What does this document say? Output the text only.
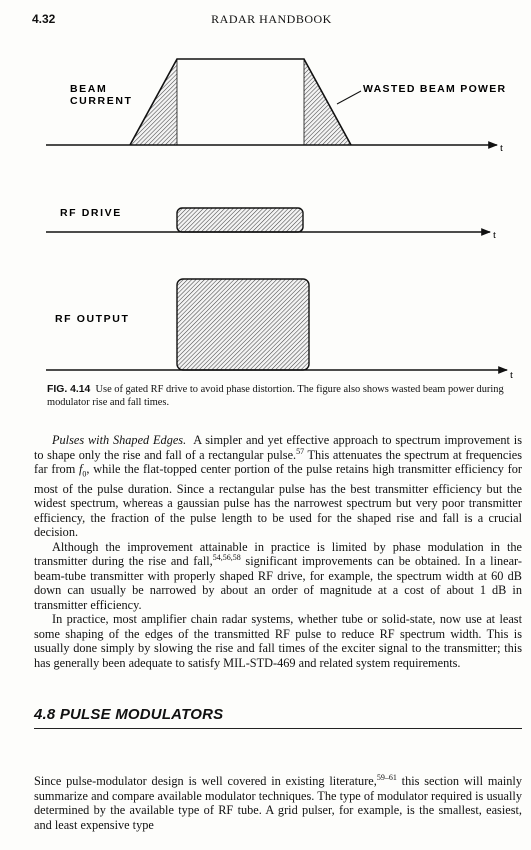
4.32	RADAR HANDBOOK
BEAM
CURRENT
WASTED BEAM POWER
t
RF DRIVE
t
RF OUTPUT
t
FIG. 4.14 Use of gated RF drive to avoid phase distortion. The figure also shows wasted beam power during modulator rise and fall times.

Pulses with Shaped Edges. A simpler and yet effective approach to spectrum improvement is to shape only the rise and fall of a rectangular pulse.$^{57}$ This attenuates the spectrum at frequencies far from $f_0$, while the flat-topped center portion of the pulse retains high transmitter efficiency for most of the pulse duration. Since a rectangular pulse has the best transmitter efficiency but the widest spectrum, whereas a gaussian pulse has the narrowest spectrum but very poor transmitter efficiency, the fraction of the pulse length to be used for the shaped rise and fall is a crucial decision.

Although the improvement attainable in practice is limited by phase modulation in the transmitter during the rise and fall,$^{54,56,58}$ significant improvements can be obtained. In a linear-beam-tube transmitter with properly shaped RF drive, for example, the spectrum width at 60 dB down can usually be narrowed by about an order of magnitude at a cost of about 1 dB in transmitter efficiency.

In practice, most amplifier chain radar systems, whether tube or solid-state, now use at least some shaping of the edges of the transmitted RF pulse to reduce RF spectrum width. This is usually done simply by slowing the rise and fall times of the exciter signal to the transmitter; this has generally been adequate to satisfy MIL-STD-469 and related system requirements.

4.8 PULSE MODULATORS

Since pulse-modulator design is well covered in existing literature,$^{59-61}$ this section will mainly summarize and compare available modulator techniques. The type of modulator required is usually determined by the available type of RF tube. A grid pulser, for example, is the smallest, easiest, and least expensive type
